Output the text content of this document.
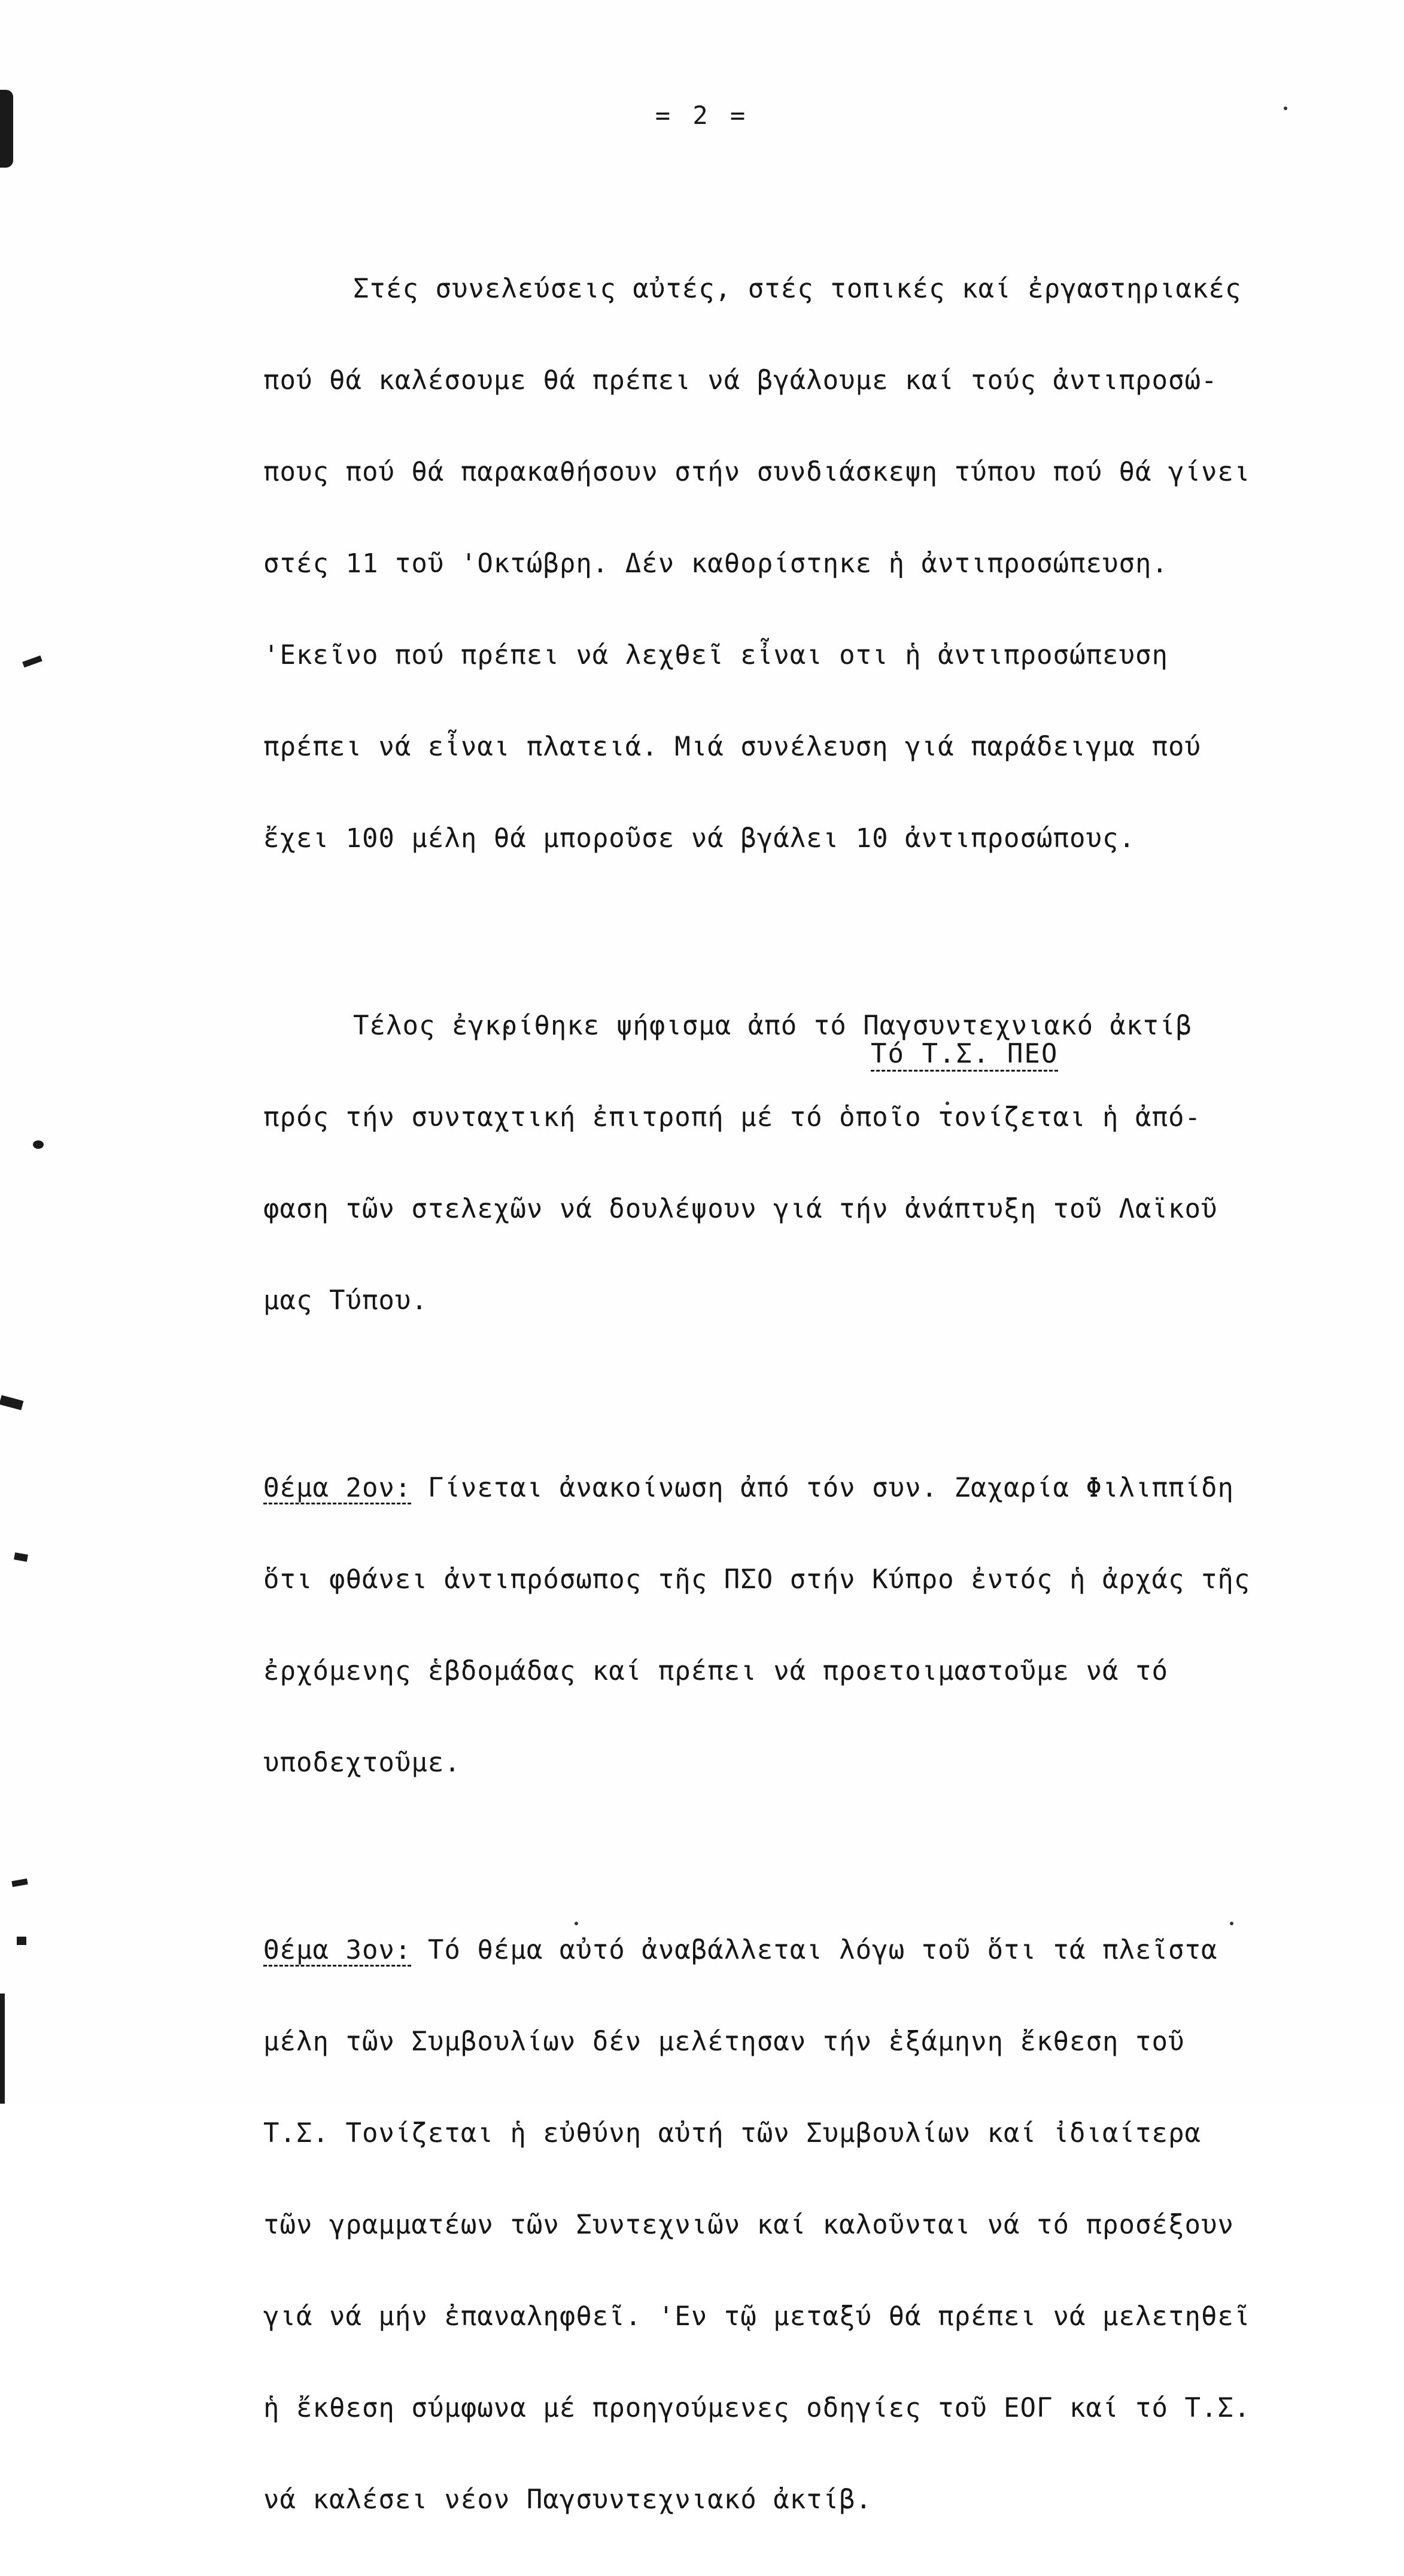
= 2 =

Στές συνελεύσεις αὐτές, στές τοπικές καί ἐργαστηριακές

πού θά καλέσουμε θά πρέπει νά βγάλουμε καί τούς ἀντιπροσώ-

πους πού θά παρακαθήσουν στήν συνδιάσκεψη τύπου πού θά γίνει

στές 11 τοῦ 'Οκτώβρη. Δέν καθορίστηκε ἡ ἀντιπροσώπευση.

'Εκεῖνο πού πρέπει νά λεχθεῖ εἶναι οτι ἡ ἀντιπροσώπευση

πρέπει νά εἶναι πλατειά. Μιά συνέλευση γιά παράδειγμα πού

ἔχει 100 μέλη θά μποροῦσε νά βγάλει 10 ἀντιπροσώπους.

Τέλος ἐγκρίθηκε ψήφισμα ἀπό τό Παγσυντεχνιακό ἀκτίβ

πρός τήν συνταχτική ἐπιτροπή μέ τό ὁποῖο τονίζεται ἡ ἀπό-

φαση τῶν στελεχῶν νά δουλέψουν γιά τήν ἀνάπτυξη τοῦ Λαϊκοῦ

μας Τύπου.

Θέμα 2ον: Γίνεται ἀνακοίνωση ἀπό τόν συν. Ζαχαρία Φιλιππίδη

ὅτι φθάνει ἀντιπρόσωπος τῆς ΠΣΟ στήν Κύπρο ἐντός ἡ ἀρχάς τῆς

ἐρχόμενης ἑβδομάδας καί πρέπει νά προετοιμαστοῦμε νά τό

υποδεχτοῦμε.

Θέμα 3ον: Τό θέμα αὐτό ἀναβάλλεται λόγω τοῦ ὅτι τά πλεῖστα

μέλη τῶν Συμβουλίων δέν μελέτησαν τήν ἑξάμηνη ἔκθεση τοῦ

Τ.Σ. Τονίζεται ἡ εὐθύνη αὐτή τῶν Συμβουλίων καί ἰδιαίτερα

τῶν γραμματέων τῶν Συντεχνιῶν καί καλοῦνται νά τό προσέξουν

γιά νά μήν ἐπαναληφθεῖ. 'Εν τῷ μεταξύ θά πρέπει νά μελετηθεῖ

ἡ ἔκθεση σύμφωνα μέ προηγούμενες οδηγίες τοῦ ΕΟΓ καί τό Τ.Σ.

νά καλέσει νέον Παγσυντεχνιακό ἀκτίβ.

Τό Τ.Σ. ΠΕΟ
